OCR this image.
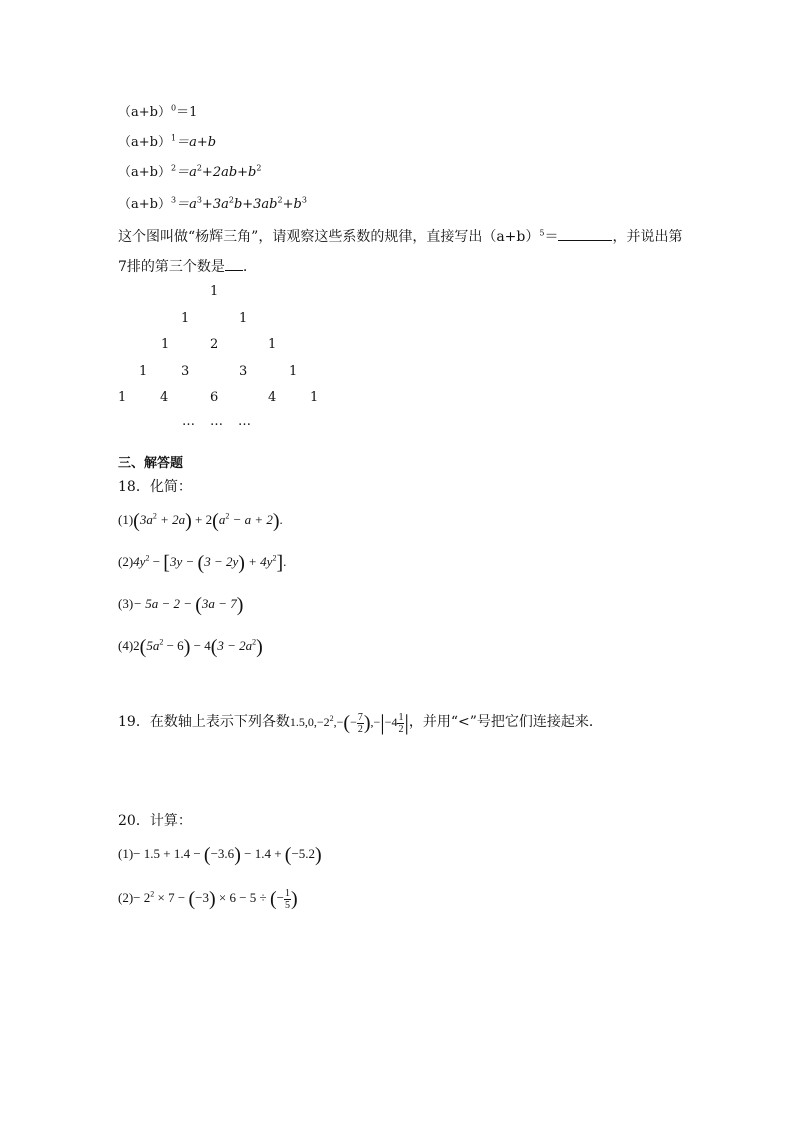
$(a+b)^0=1$
$(a+b)^1=a+b$
$(a+b)^2=a^2+2ab+b^2$
$(a+b)^3=a^3+3a^2b+3ab^2+b^3$
这个图叫做“杨辉三角”，请观察这些系数的规律，直接写出$(a+b)^5=$	，并说出第
7排的第三个数是 .
1
1	1
1	2	1
1	3	3	1
1	4	6	4	1
… … …
三、解答题
18．化简：
$(1)(3a^2 + 2a) + 2(a^2 - a + 2)$.
$(2)4y^2 - [3y - (3 - 2y) + 4y^2]$.
(3)− 5a − 2 − (3a − 7)
$(4)2(5a^2 - 6) - 4(3 - 2a^2)$
19．在数轴上表示下列各数$1.5,0,-2^2,-(- \frac{7}{2} ),-|-4 \frac{1}{2}$ |，并用“<”号把它们连接起来．
20．计算：
(1)− 1.5 + 1.4 − (−3.6) − 1.4 + (−5.2)
$(2)- 2^2 \times 7 - (-3) \times 6 - 5$ ÷ (− $\frac{1}{5}$ )
